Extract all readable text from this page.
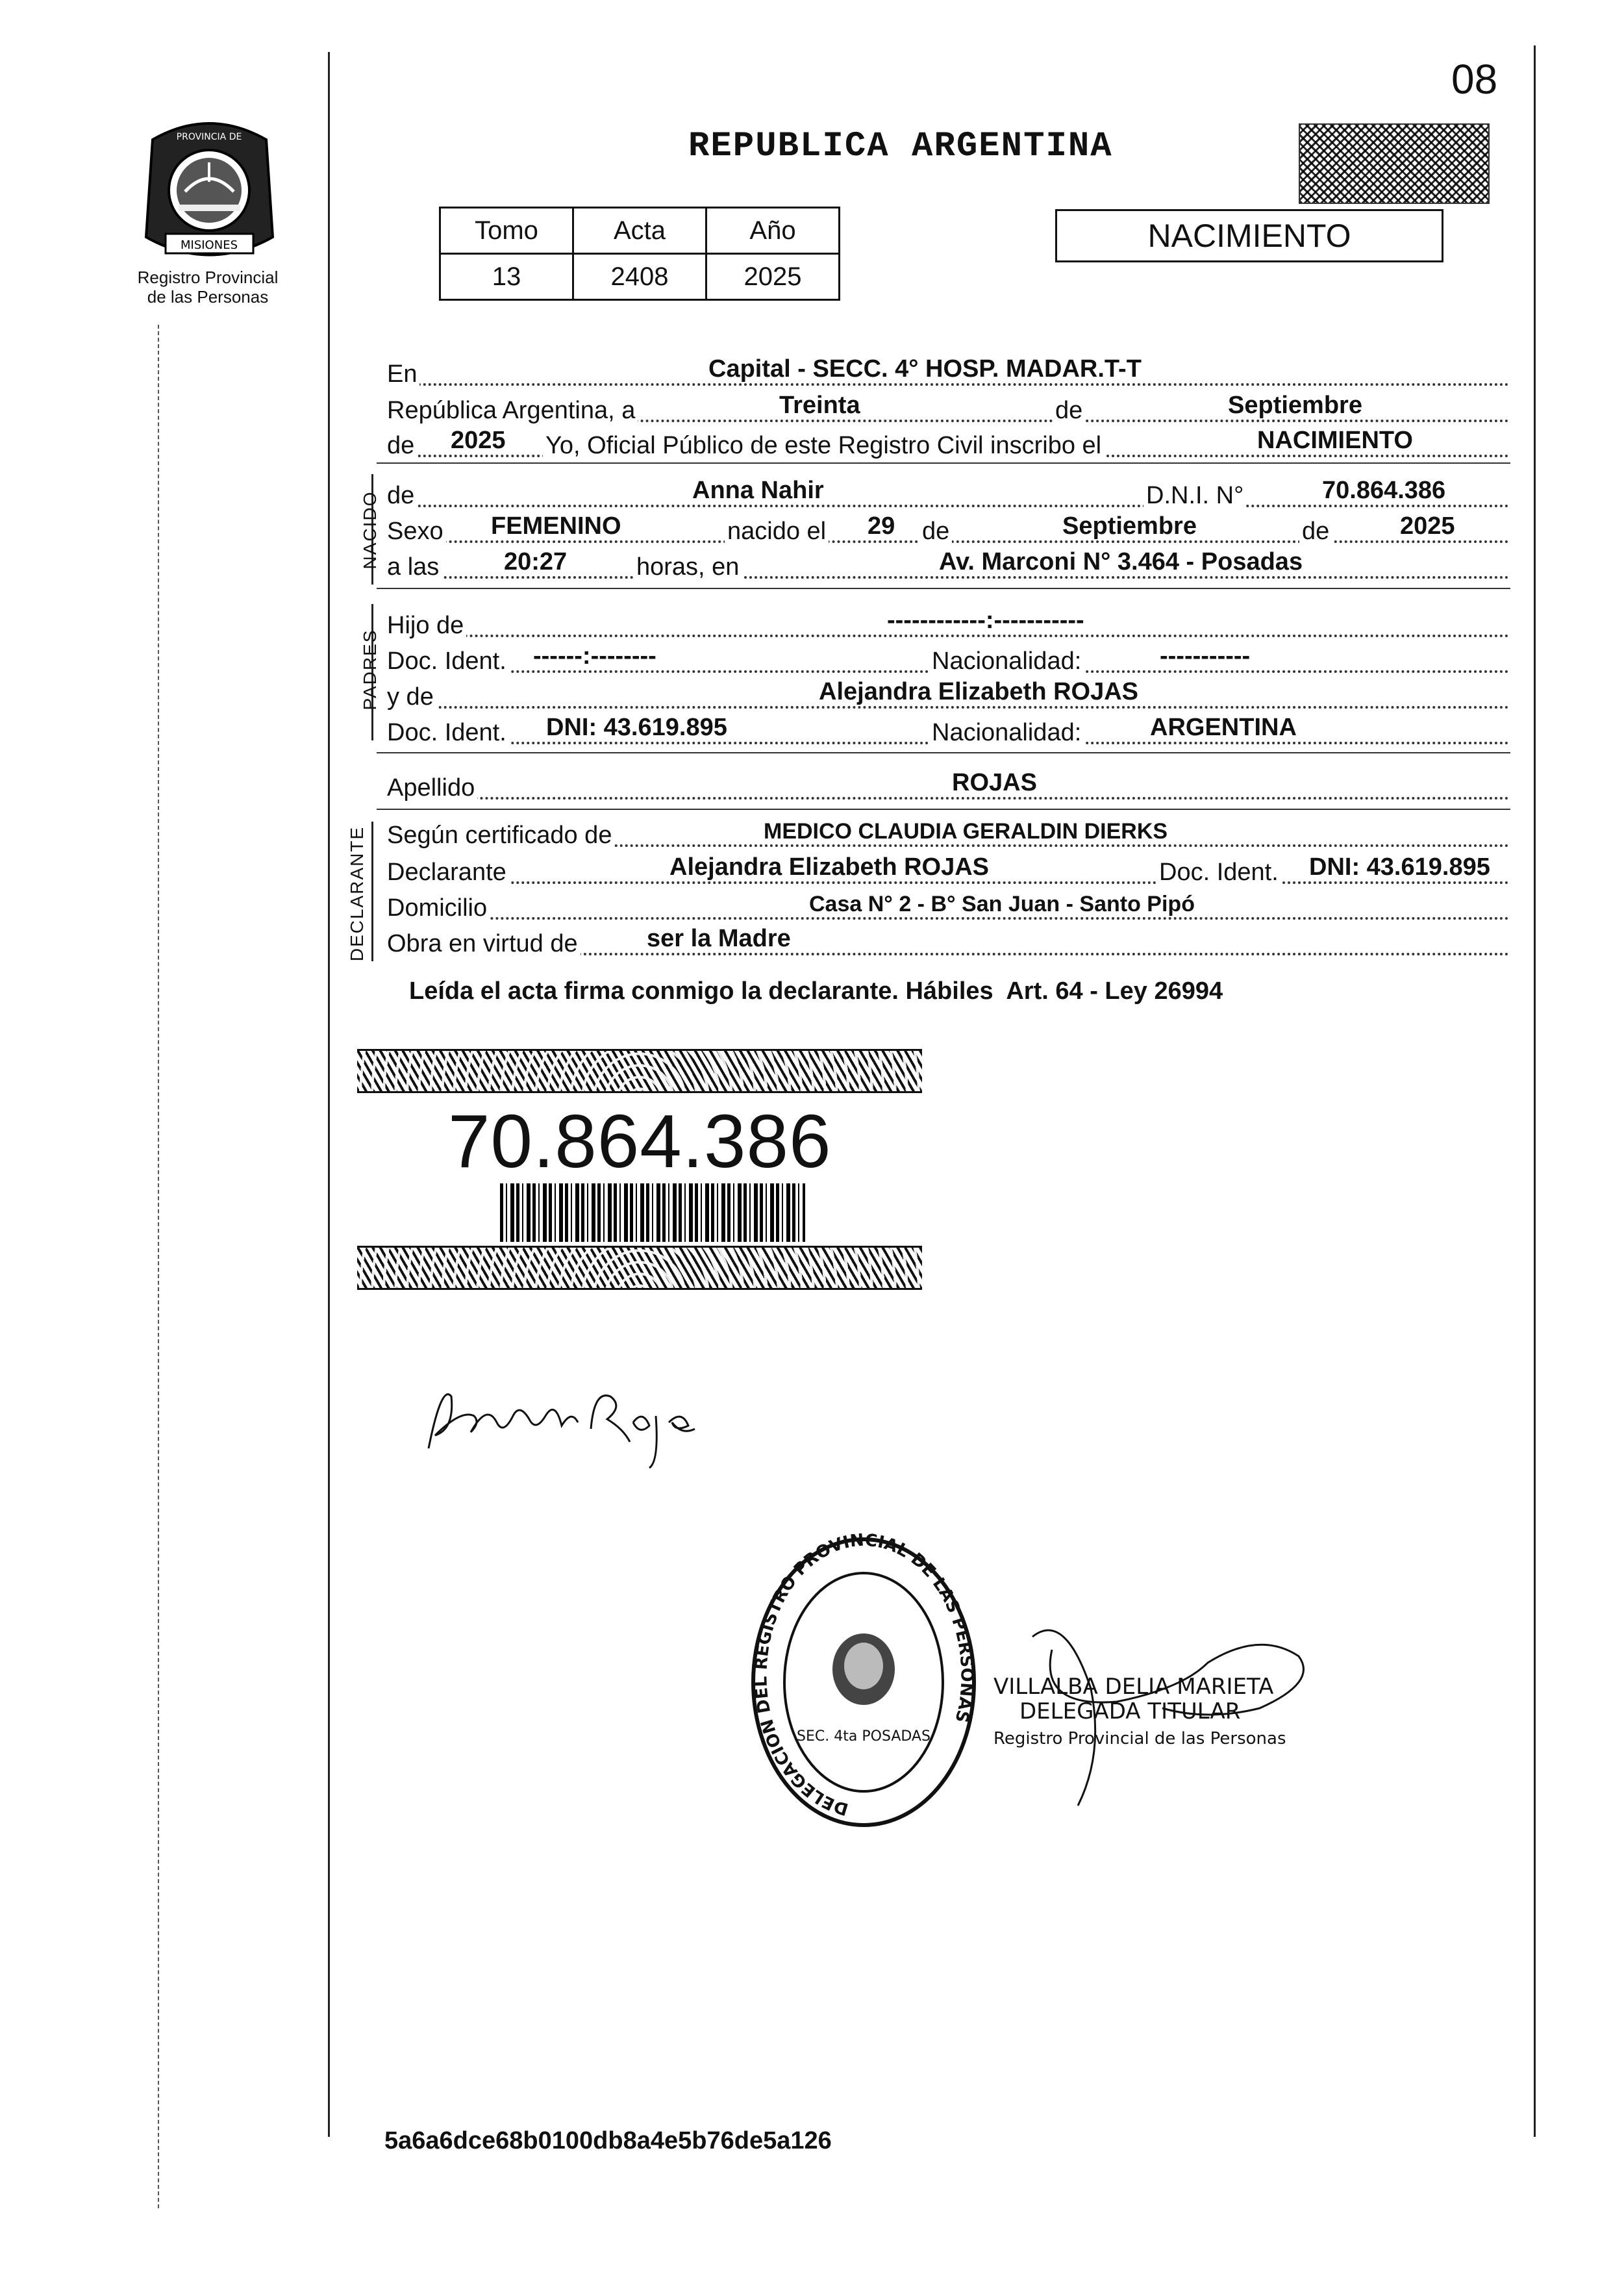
08
MISIONES
PROVINCIA DE
Registro Provincial
de las Personas
REPUBLICA ARGENTINA
Tomo	Acta	Año
13	2408	2025
NACIMIENTO
En	Capital - SECC. 4° HOSP. MADAR.T-T
República Argentina, a	Treinta	de	Septiembre
de 2025 Yo, Oficial Público de este Registro Civil inscribo el	NACIMIENTO
NACIDO de	Anna Nahir	D.N.I. N°	70.864.386
Sexo FEMENINO	nacido el 29 de	Septiembre	de	2025
a las	20:27	horas, en	Av. Marconi N° 3.464 - Posadas
PADRES
Hijo de	------------:-----------
Doc. Ident. ------:--------	Nacionalidad:	-----------
y de	Alejandra Elizabeth ROJAS
Doc. Ident. DNI: 43.619.895	Nacionalidad:	ARGENTINA
Apellido	ROJAS
DECLARANTE Según certificado de	MEDICO CLAUDIA GERALDIN DIERKS
Declarante	Alejandra Elizabeth ROJAS	Doc. Ident. DNI: 43.619.895
Domicilio	Casa N° 2 - B° San Juan - Santo Pipó
Obra en virtud de	ser la Madre
Leída el acta firma conmigo la declarante. Hábiles  Art. 64 - Ley 26994
70.864.386
DELEGACION DEL REGISTRO PROVINCIAL DE LAS PERSONAS
SEC. 4ta POSADAS
VILLALBA DELIA MARIETA
DELEGADA TITULAR
Registro Provincial de las Personas
5a6a6dce68b0100db8a4e5b76de5a126
